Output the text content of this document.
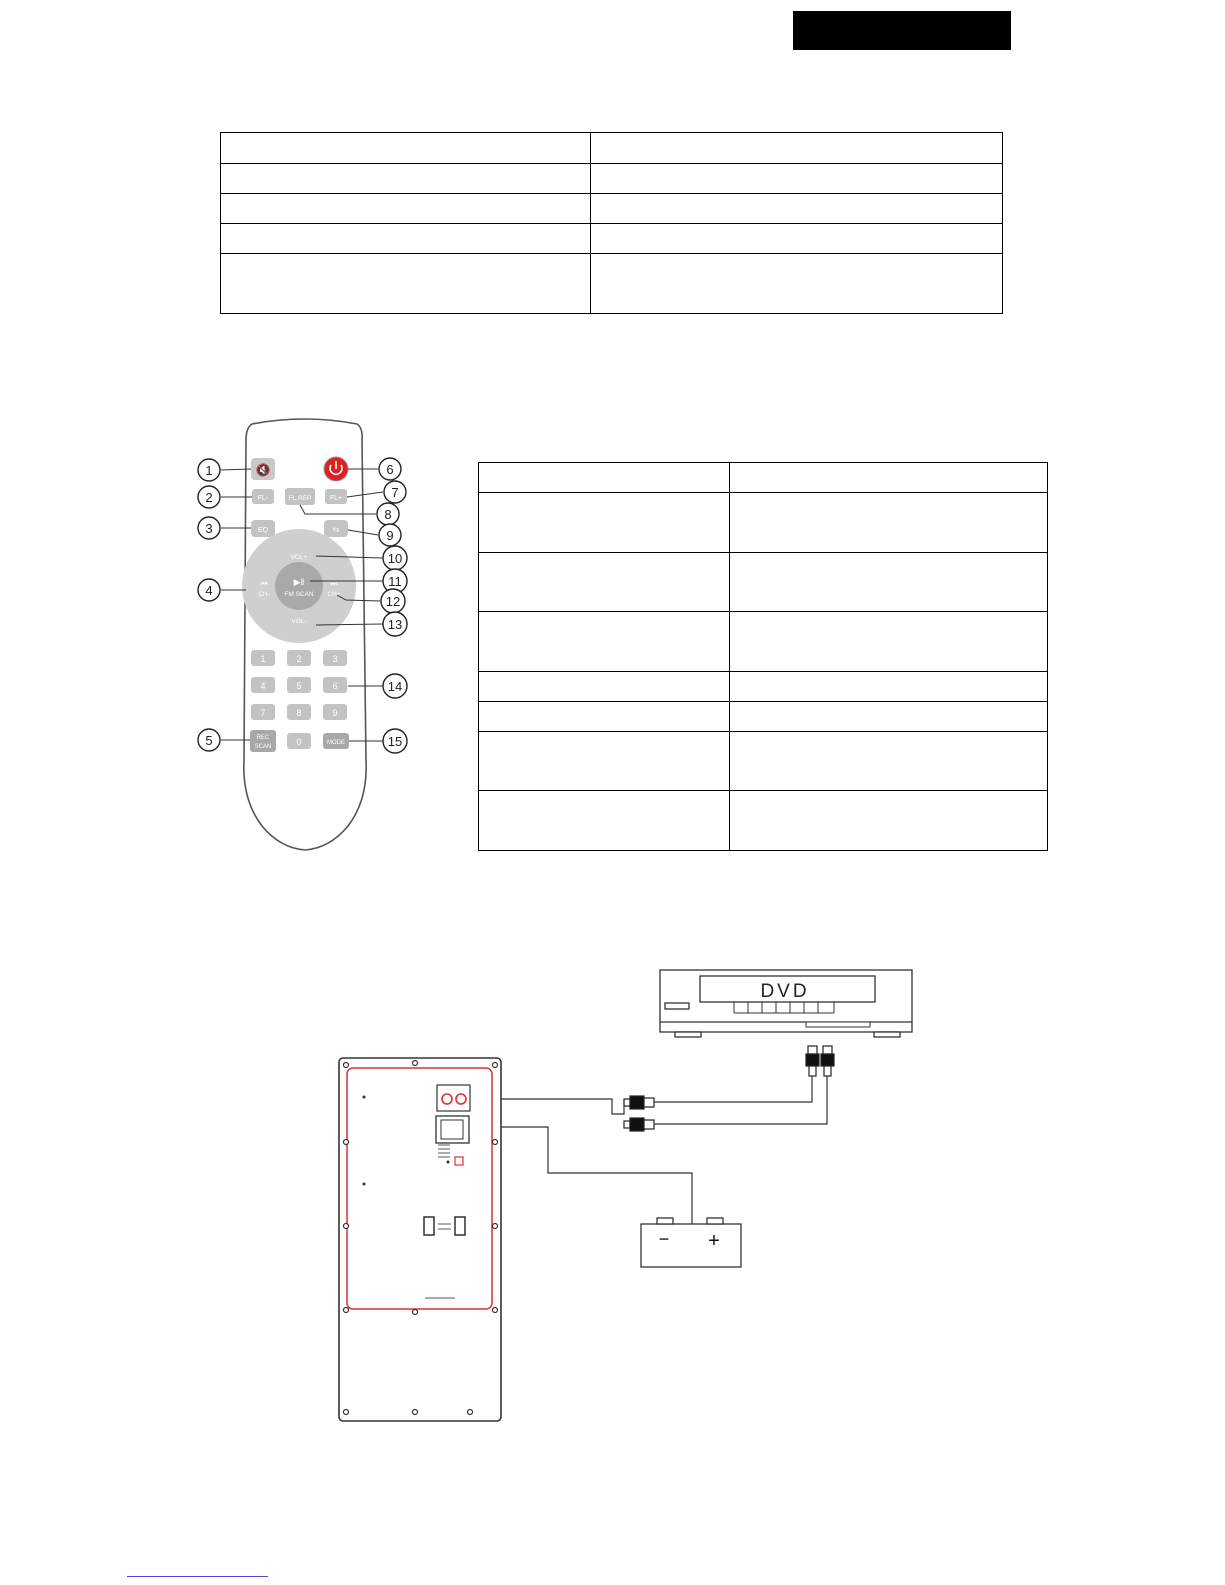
🔇
FL-	FL.REP	FL+
EQ	⇆
▶‖
FM SCAN
VOL+
VOL-
⏮
CH-
⏭
CH+
1	2	3
4	5	6
7	8	9
REC
SCAN	0	MODE
1
2
3
4
5
6
7
8
9
10
11
12
13
14
15
DVD
− +
